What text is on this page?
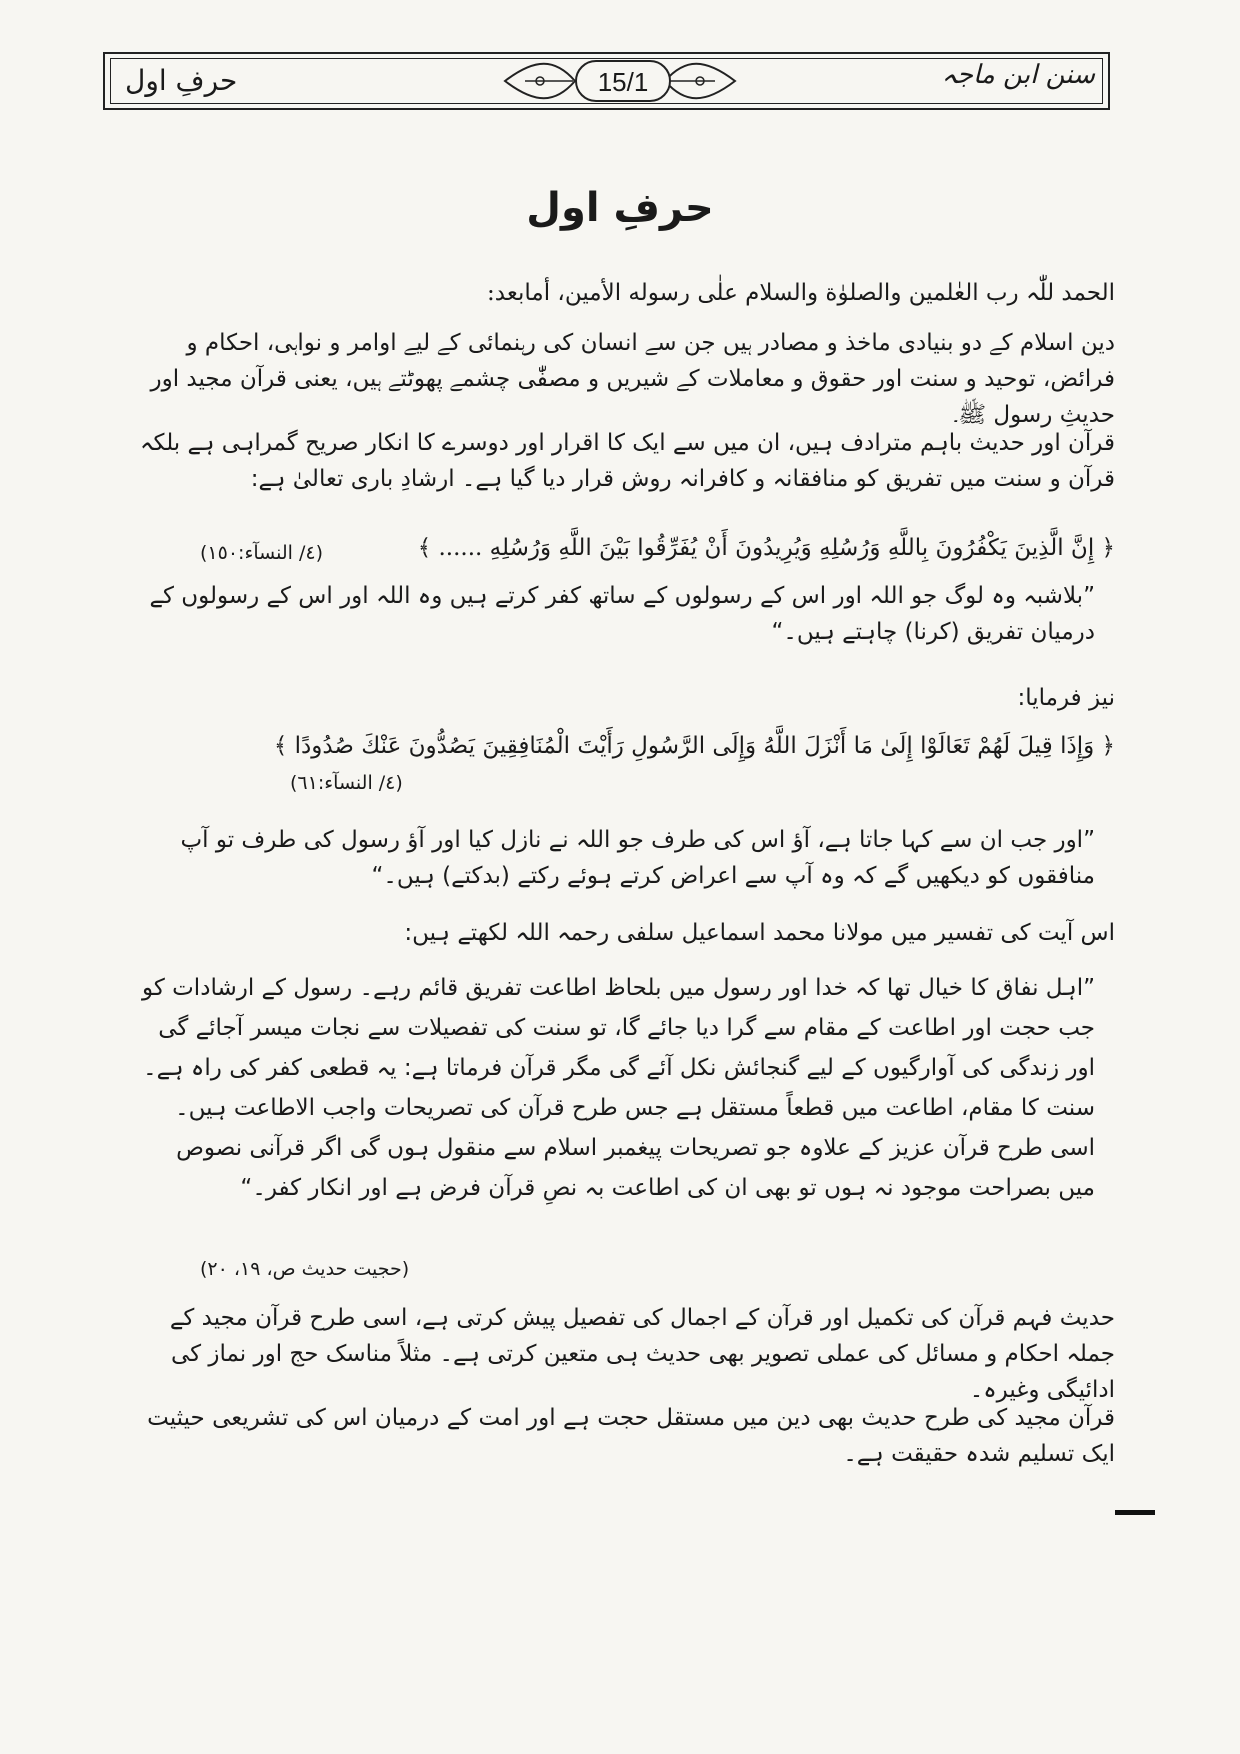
15/1
حرفِ اول	سنن ابن ماجہ
حرفِ اول
الحمد للّٰہ رب العٰلمین والصلوٰة والسلام علٰی رسوله الأمین، أمابعد:
دین اسلام کے دو بنیادی ماخذ و مصادر ہیں جن سے انسان کی رہنمائی کے لیے اوامر و نواہی، احکام و فرائض، توحید و سنت اور حقوق و معاملات کے شیریں و مصفّٰی چشمے پھوٹتے ہیں، یعنی قرآن مجید اور حدیثِ رسول ﷺ۔
قرآن اور حدیث باہم مترادف ہیں، ان میں سے ایک کا اقرار اور دوسرے کا انکار صریح گمراہی ہے بلکہ قرآن و سنت میں تفریق کو منافقانہ و کافرانہ روش قرار دیا گیا ہے۔ ارشادِ باری تعالیٰ ہے:
﴿ إِنَّ الَّذِينَ يَكْفُرُونَ بِاللَّهِ وَرُسُلِهِ وَيُرِيدُونَ أَنْ يُفَرِّقُوا بَيْنَ اللَّهِ وَرُسُلِهِ ...... ﴾
(٤/ النسآء:١٥٠)
”بلاشبہ وہ لوگ جو اللہ اور اس کے رسولوں کے ساتھ کفر کرتے ہیں وہ اللہ اور اس کے رسولوں کے درمیان تفریق (کرنا) چاہتے ہیں۔“
نیز فرمایا:
﴿ وَإِذَا قِيلَ لَهُمْ تَعَالَوْا إِلَىٰ مَا أَنْزَلَ اللَّهُ وَإِلَى الرَّسُولِ رَأَيْتَ الْمُنَافِقِينَ يَصُدُّونَ عَنْكَ صُدُودًا ﴾
(٤/ النسآء:٦١)
”اور جب ان سے کہا جاتا ہے، آؤ اس کی طرف جو اللہ نے نازل کیا اور آؤ رسول کی طرف تو آپ منافقوں کو دیکھیں گے کہ وہ آپ سے اعراض کرتے ہوئے رکتے (بدکتے) ہیں۔“
اس آیت کی تفسیر میں مولانا محمد اسماعیل سلفی رحمہ اللہ لکھتے ہیں:
”اہل نفاق کا خیال تھا کہ خدا اور رسول میں بلحاظ اطاعت تفریق قائم رہے۔ رسول کے ارشادات کو جب حجت اور اطاعت کے مقام سے گرا دیا جائے گا، تو سنت کی تفصیلات سے نجات میسر آجائے گی اور زندگی کی آوارگیوں کے لیے گنجائش نکل آئے گی مگر قرآن فرماتا ہے: یہ قطعی کفر کی راہ ہے۔ سنت کا مقام، اطاعت میں قطعاً مستقل ہے جس طرح قرآن کی تصریحات واجب الاطاعت ہیں۔ اسی طرح قرآن عزیز کے علاوہ جو تصریحات پیغمبر اسلام سے منقول ہوں گی اگر قرآنی نصوص میں بصراحت موجود نہ ہوں تو بھی ان کی اطاعت بہ نصِ قرآن فرض ہے اور انکار کفر۔“
(حجیت حدیث ص، ١٩، ٢٠)
حدیث فہم قرآن کی تکمیل اور قرآن کے اجمال کی تفصیل پیش کرتی ہے، اسی طرح قرآن مجید کے جملہ احکام و مسائل کی عملی تصویر بھی حدیث ہی متعین کرتی ہے۔ مثلاً مناسک حج اور نماز کی ادائیگی وغیرہ۔
قرآن مجید کی طرح حدیث بھی دین میں مستقل حجت ہے اور امت کے درمیان اس کی تشریعی حیثیت ایک تسلیم شدہ حقیقت ہے۔
